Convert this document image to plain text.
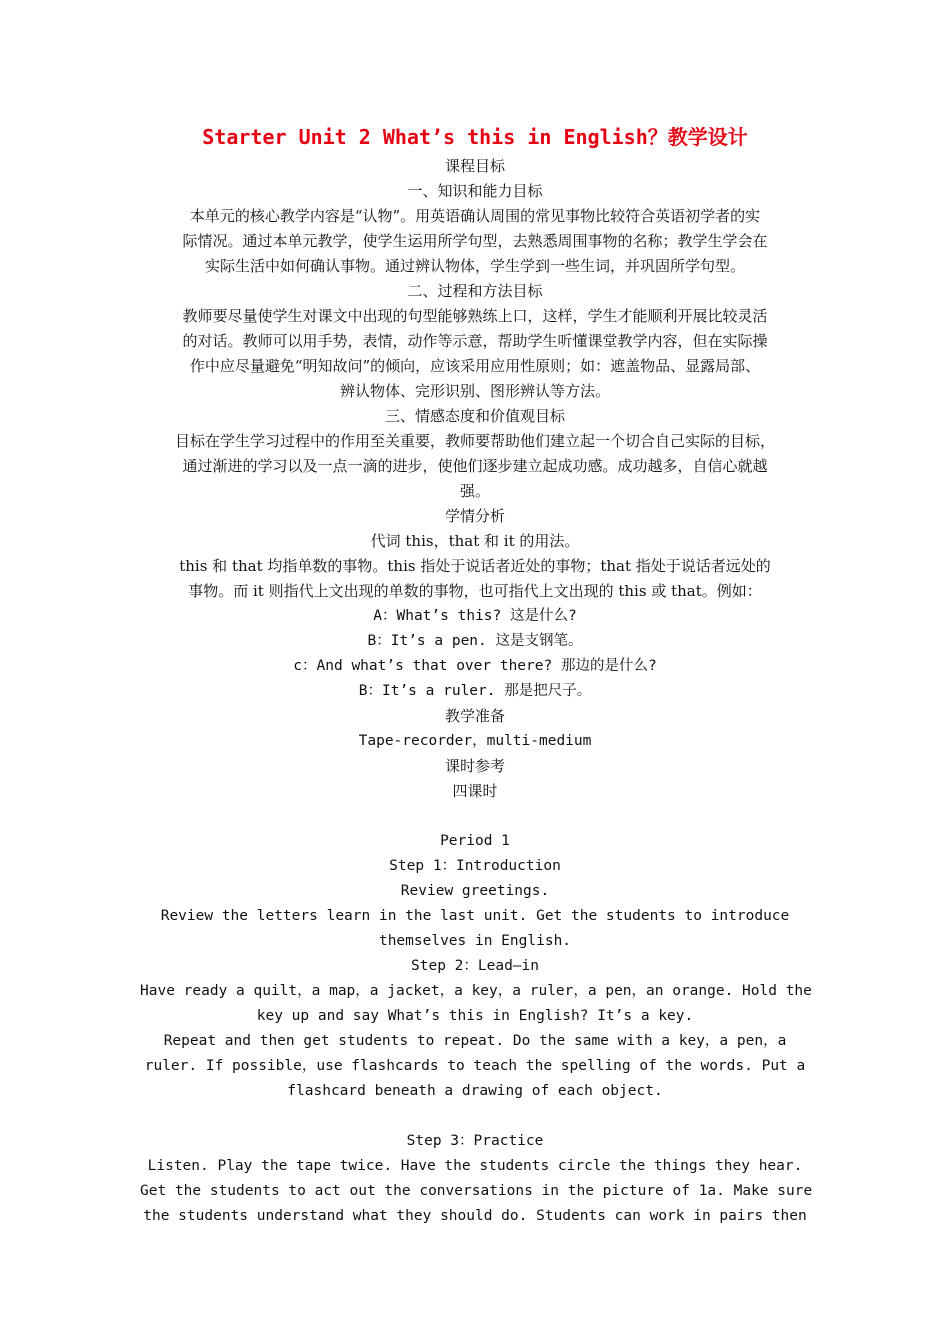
Starter Unit 2 What’s this in English？教学设计

课程目标

一、知识和能力目标

本单元的核心教学内容是“认物”。用英语确认周围的常见事物比较符合英语初学者的实

际情况。通过本单元教学，使学生运用所学句型，去熟悉周围事物的名称；教学生学会在

实际生活中如何确认事物。通过辨认物体，学生学到一些生词，并巩固所学句型。

二、过程和方法目标

教师要尽量使学生对课文中出现的句型能够熟练上口，这样，学生才能顺利开展比较灵活

的对话。教师可以用手势，表情，动作等示意，帮助学生听懂课堂教学内容，但在实际操

作中应尽量避免“明知故问”的倾向，应该采用应用性原则；如：遮盖物品、显露局部、

辨认物体、完形识别、图形辨认等方法。

三、情感态度和价值观目标

目标在学生学习过程中的作用至关重要，教师要帮助他们建立起一个切合自己实际的目标，

通过渐进的学习以及一点一滴的进步，使他们逐步建立起成功感。成功越多，自信心就越

强。

学情分析

代词 this，that 和 it 的用法。

this 和 that 均指单数的事物。this 指处于说话者近处的事物；that 指处于说话者远处的

事物。而 it 则指代上文出现的单数的事物，也可指代上文出现的 this 或 that。例如：

A：What’s this? 这是什么?

B：It’s a pen. 这是支钢笔。

c：And what’s that over there? 那边的是什么?

B：It’s a ruler. 那是把尺子。

教学准备

Tape-recorder，multi-medium

课时参考

四课时

Period 1

Step 1：Introduction

Review greetings.

Review the letters learn in the last unit. Get the students to introduce

themselves in English.

Step 2：Lead—in

Have ready a quilt，a map，a jacket，a key，a ruler，a pen，an orange. Hold the

key up and say What’s this in English? It’s a key.

Repeat and then get students to repeat. Do the same with a key，a pen，a

ruler. If possible，use flashcards to teach the spelling of the words. Put a

flashcard beneath a drawing of each object.

Step 3：Practice

Listen. Play the tape twice. Have the students circle the things they hear.

Get the students to act out the conversations in the picture of 1a. Make sure

the students understand what they should do. Students can work in pairs then
